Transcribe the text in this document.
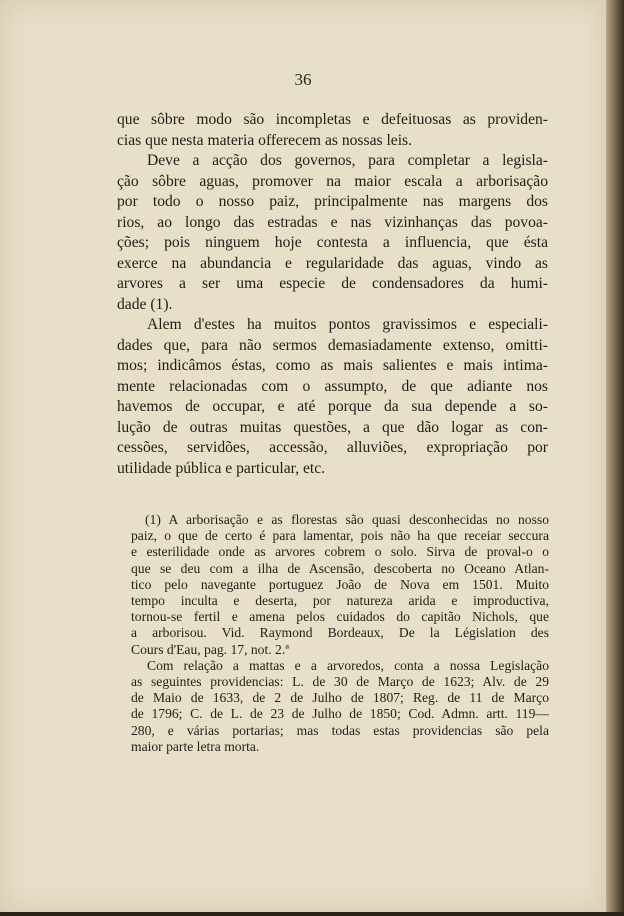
36
que sôbre modo são incompletas e defeituosas as providen-
cias que nesta materia offerecem as nossas leis.
Deve a acção dos governos, para completar a legisla-
ção sôbre aguas, promover na maior escala a arborisação
por todo o nosso paiz, principalmente nas margens dos
rios, ao longo das estradas e nas vizinhanças das povoa-
ções; pois ninguem hoje contesta a influencia, que ésta
exerce na abundancia e regularidade das aguas, vindo as
arvores a ser uma especie de condensadores da humi-
dade (1).
Alem d'estes ha muitos pontos gravissimos e especiali-
dades que, para não sermos demasiadamente extenso, omitti-
mos; indicâmos éstas, como as mais salientes e mais intima-
mente relacionadas com o assumpto, de que adiante nos
havemos de occupar, e até porque da sua depende a so-
lução de outras muitas questões, a que dão logar as con-
cessões, servidões, accessão, alluviões, expropriação por
utilidade pública e particular, etc.
(1) A arborisação e as florestas são quasi desconhecidas no nosso
paiz, o que de certo é para lamentar, pois não ha que receiar seccura
e esterilidade onde as arvores cobrem o solo. Sirva de proval-o o
que se deu com a ilha de Ascensão, descoberta no Oceano Atlan-
tico pelo navegante portuguez João de Nova em 1501. Muito
tempo inculta e deserta, por natureza arida e improductiva,
tornou-se fertil e amena pelos cuidados do capitão Nichols, que
a arborisou. Vid. Raymond Bordeaux, De la Législation des
Cours d'Eau, pag. 17, not. 2.ª
Com relação a mattas e a arvoredos, conta a nossa Legislação
as seguintes providencias: L. de 30 de Março de 1623; Alv. de 29
de Maio de 1633, de 2 de Julho de 1807; Reg. de 11 de Março
de 1796; C. de L. de 23 de Julho de 1850; Cod. Admn. artt. 119—
280, e várias portarias; mas todas estas providencias são pela
maior parte letra morta.
